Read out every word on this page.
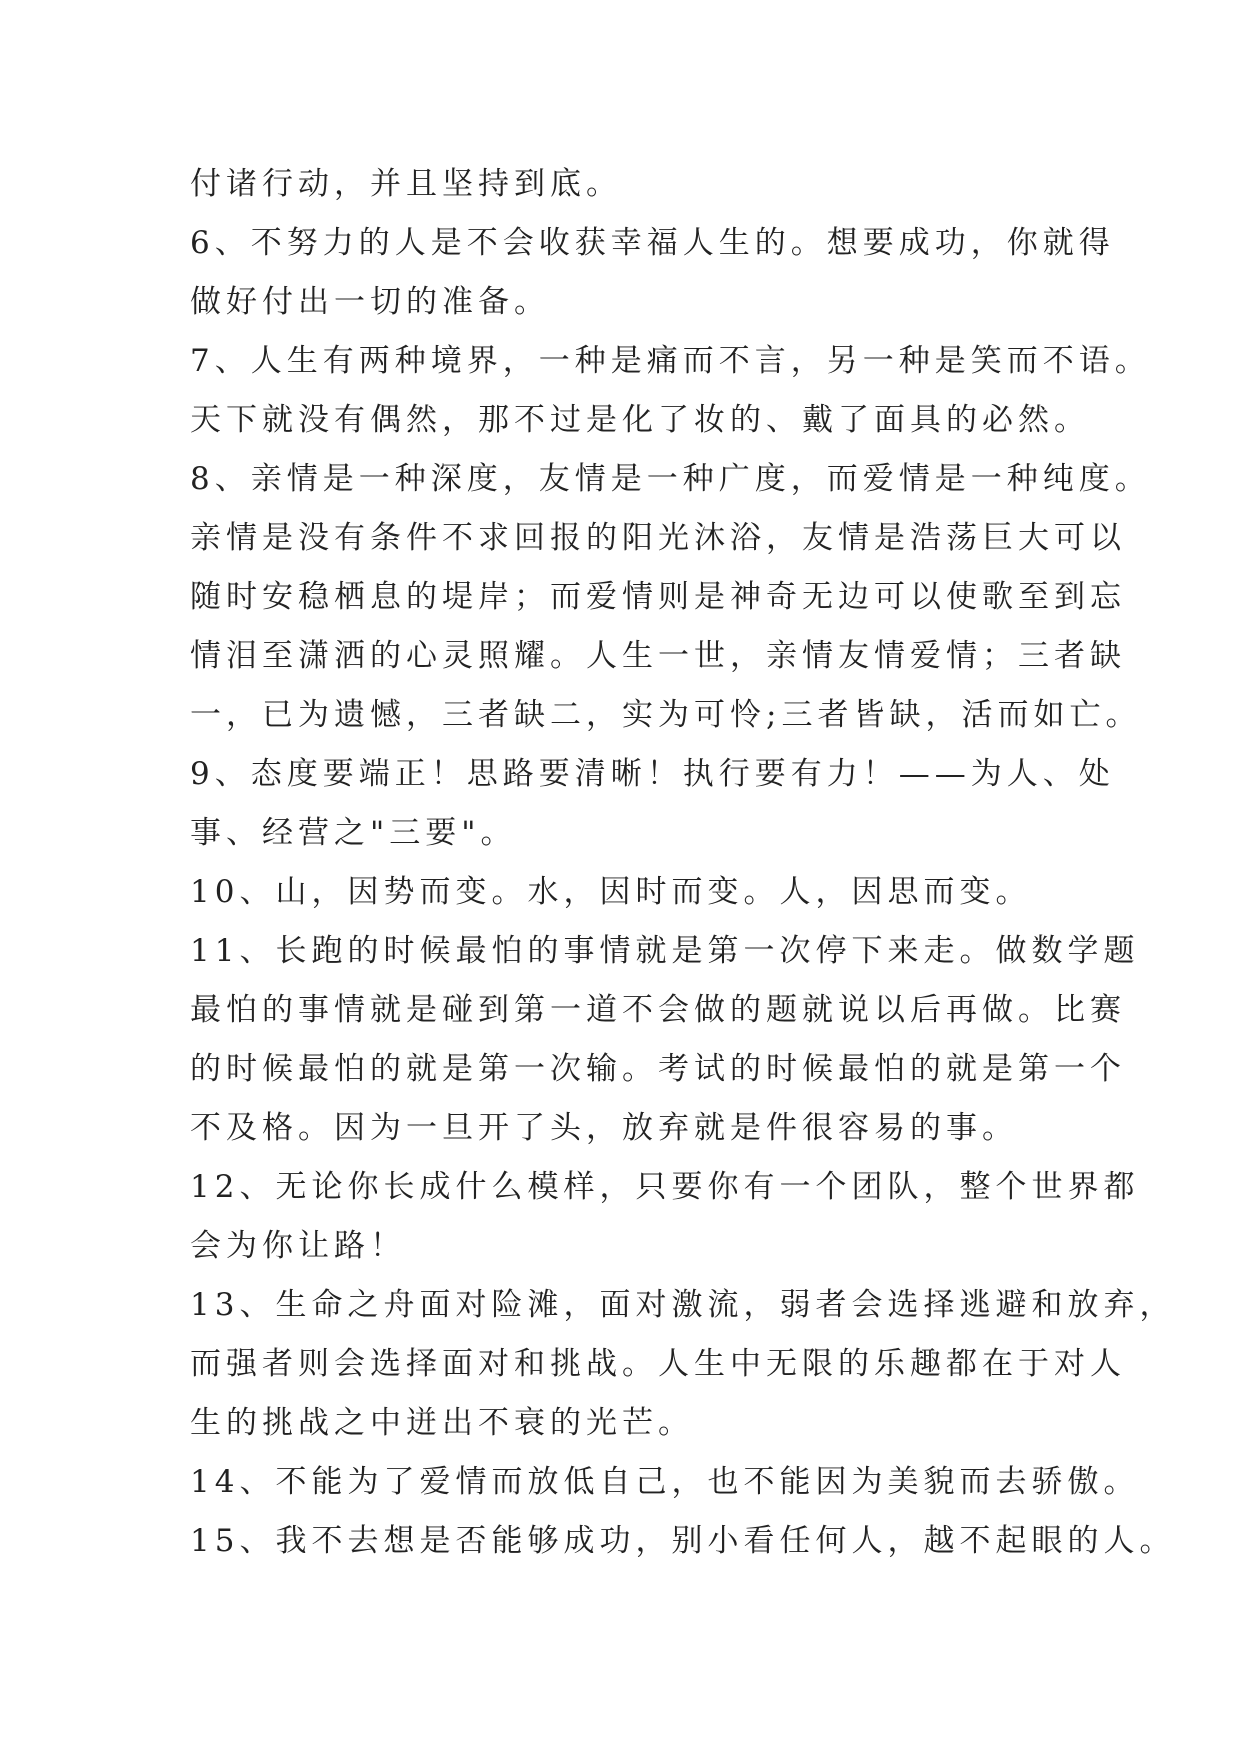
付诸行动，并且坚持到底。
6、不努力的人是不会收获幸福人生的。想要成功，你就得
做好付出一切的准备。
7、人生有两种境界，一种是痛而不言，另一种是笑而不语。
天下就没有偶然，那不过是化了妆的、戴了面具的必然。
8、亲情是一种深度，友情是一种广度，而爱情是一种纯度。
亲情是没有条件不求回报的阳光沐浴，友情是浩荡巨大可以
随时安稳栖息的堤岸；而爱情则是神奇无边可以使歌至到忘
情泪至潇洒的心灵照耀。人生一世，亲情友情爱情；三者缺
一，已为遗憾，三者缺二，实为可怜;三者皆缺，活而如亡。
9、态度要端正！思路要清晰！执行要有力！——为人、处
事、经营之"三要"。
10、山，因势而变。水，因时而变。人，因思而变。
11、长跑的时候最怕的事情就是第一次停下来走。做数学题
最怕的事情就是碰到第一道不会做的题就说以后再做。比赛
的时候最怕的就是第一次输。考试的时候最怕的就是第一个
不及格。因为一旦开了头，放弃就是件很容易的事。
12、无论你长成什么模样，只要你有一个团队，整个世界都
会为你让路！
13、生命之舟面对险滩，面对激流，弱者会选择逃避和放弃，
而强者则会选择面对和挑战。人生中无限的乐趣都在于对人
生的挑战之中迸出不衰的光芒。
14、不能为了爱情而放低自己，也不能因为美貌而去骄傲。
15、我不去想是否能够成功，别小看任何人，越不起眼的人。
